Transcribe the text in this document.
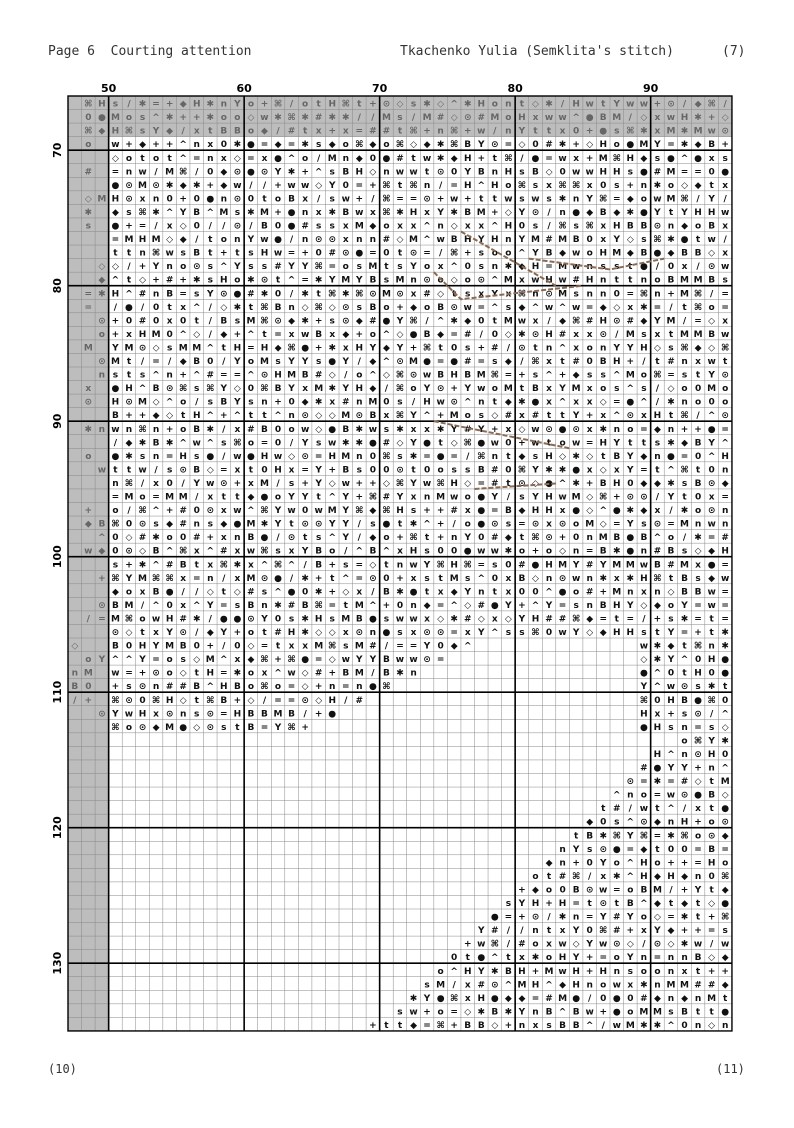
Page 6  Courting attention	Tkachenko Yulia (Semklita's stitch)	(7)
⌘ H s / ✱ = + ◆ H ✱ n Y o + ⌘ / o t H ⌘ t + ⊙ ◇ s ✱ ◇ ^ ✱ H o n t ◇ ✱ / H w t Y w w + ⊙ / ◆ ⌘ /
0 ● M o s ^ ✱ + + ✱ o o ◇ w ✱ ⌘ ✱ # ✱ ✱ / / M s / M # ◇ ⊙ # M o H x w w ^ ● B M / ◇ x w H ✱ + ◇
⌘ ◆ H ⌘ s Y ◆ / x t B B o ◆ / # t x + x = # # t ⌘ + n ⌘ + w / n Y t t x 0 + ● s ⌘ ✱ x M ✱ M w ⊙
o w + ◆ + + ^ n x 0 ✱ ● = ◆ = ✱ s ◆ o ⌘ ◆ o ⌘ ◇ ◆ ✱ ⌘ B Y ⊙ = ◇ 0 # ✱ + ◇ H o ● M Y = ✱ ◆ B +
◇ o t o t ^ = n x ◇ = x ● ^ o / M n ◆ 0 ● # t w ✱ ◆ H + t ⌘ / ● = w x + M ⌘ H ◆ s ● ^ ● x s
# = n w / M ⌘ / 0 ◆ ⊙ ● ⊙ Y ✱ + ^ s B H ◇ n w w t ⊙ 0 Y B n H s B ◇ 0 w w H H s ● # M = = 0 ●
● ⊙ M ⊙ ✱ ◆ ✱ + ◆ w / / + w w ◇ Y 0 = + ⌘ t ⌘ n / = H ^ H o ⌘ s x ⌘ ⌘ x 0 s + n ✱ o ◇ ◆ t x
◇ M H ⊙ x n 0 + 0 ● n ⊙ 0 t o B x / s w + / ⌘ = = ⊙ + w + t t w s w s ✱ n Y ⌘ = ◆ o w M ⌘ / Y /
✱ ◆ s ⌘ ✱ ^ Y B ^ M s ✱ M + ● n x ✱ B w x ⌘ ✱ H x Y ✱ B M + ◇ Y ⊙ / n ● ◆ B ◆ ✱ ● Y t Y H H w
s ● + = / x ◇ 0 / / ⊙ / B 0 ● # s s x M ◆ o x x ^ n ◇ x x ^ H 0 s / ⌘ s ⌘ x H B B ⊙ n ◆ o B x
= M H M ◇ ◆ / t o n Y w ● / n ⊙ ⊙ x n n # ◇ M ^ w B H Y H n Y M # M B 0 x Y ◇ s ⌘ ✱ ● t w /
t t n ⌘ w s B t + t s H w = + 0 # ⊙ ● = 0 t ⊙ = / ⌘ + s o o ^ Y B ◆ w o H M ◆ B ● ◆ B B ◇ x
◇ ◇ / + Y n o ⊙ s ^ Y s s # Y Y ⌘ = o s M t s Y o x ^ 0 s n ✱ ◆ H = M w n s s t ● / 0 x / ⊙ w
◆ ^ t ◇ + # + ✱ s H o ✱ ⊙ t ^ = ✱ Y M Y B s M n ⊙ o ◇ o ⊙ ^ M x w H w # H n t t n o B M M B s
= ✱ H ^ # n B = s Y ⊙ ● # ✱ 0 / ✱ t ⌘ ✱ ⌘ ⊙ M ⊙ x # ◇ t s x Y x ⌘ n ⊙ M s n n 0 = ⌘ n + M ⌘ / =
= / ● / 0 t x ^ / ◇ ✱ t ⌘ B n ◇ ⌘ ◇ ⊙ s B o + ◆ o B ⊙ w = ^ s ◆ ^ w ^ w = ◆ ◇ x ✱ = / t ⌘ o =
⊙ + 0 # 0 x 0 t / B s M ⌘ ⊙ ◆ ✱ + s ⊙ ◆ # ● Y ⌘ / ^ ✱ ◆ 0 t M w x / ◆ ⌘ # H ⊙ # ◆ Y M / = ◇ x
o + x H M 0 ^ ◇ / ◆ + ^ t = x w B x ◆ + o ^ ◇ ● B ◆ = # / 0 ◇ ✱ ⊙ H # x x ⊙ / M s x t M M B w
M Y M ⊙ ◇ s M M ^ t H = H ◆ ⌘ ● + ✱ x H Y ◆ Y + ⌘ t 0 s + # / ⊙ t n ^ x o n Y Y H ◇ s ⌘ ◆ ◇ ⌘
⊙ M t / = / ◆ B 0 / Y o M s Y Y s ● Y / ◆ ^ ⊙ M ● = ● # = s ◆ / ⌘ x t # 0 B H + / t # n x w t
n s t s ^ n + ^ # = = ^ ⊙ H M B # ◇ / o ^ ◇ ⌘ ⊙ w B H B M ⌘ = + s ^ + ◆ s s ^ M o ⌘ = s t Y ⊙
x ● H ^ B ⊙ ⌘ s ⌘ Y ◇ 0 ⌘ B Y x M ✱ Y H ◆ / ⌘ o Y ⊙ + Y w o M t B x Y M x o s ^ s / ◇ o 0 M o
⊙ H ⊙ M ◇ ^ o / s B Y s n + 0 ◆ ✱ x # n M 0 s / H w ⊙ ^ n t ◆ ✱ ● x ^ x x ◇ = ● ^ / ✱ n o 0 o
B + + ◆ ◇ t H ^ + ^ t t ^ n ⊙ ◇ ◇ M ⊙ B x ⌘ Y ^ + M o s ◇ # x # t t Y + x ^ ⊙ x H t ⌘ / ^ ⊙
✱ n w n ⌘ n + o B ✱ / x # B 0 o w ◇ ● B ✱ w s ✱ x x ✱ Y # Y + x ◇ w ⊙ ● ⊙ x ✱ n o = ◆ n + + ● =
/ ◆ ✱ B ✱ ^ w ^ s ⌘ o = 0 / Y s w ✱ ✱ ● # ◇ Y ● t ◇ ⌘ ● w 0 + w t o w = H Y t t s ✱ ◆ B Y ^
o ● ✱ s n = H s ● / w ● H w ◇ ⊙ = H M n 0 ⌘ s ✱ = ● = / ⌘ n t ◆ s H ◇ ✱ ◇ t B Y ◆ n ● = 0 ^ H
w t t w / s ⊙ B ◇ = x t 0 H x = Y + B s 0 0 ⊙ t 0 o s s B # 0 ⌘ Y ✱ ✱ ● x ◇ x Y = t ^ ⌘ t 0 n
n ⌘ / x 0 / Y w ⊙ + x M / s + Y ◇ w + + ◇ ⌘ Y w ⌘ H ◇ = # t ⊙ ◇ ● ^ ✱ + B H 0 ◆ ◆ ✱ s B ⊙ ◆
= M o = M M / x t t ◆ ● o Y Y t ^ Y + ⌘ # Y x n M w o ● Y / s Y H w M ◇ ⌘ + ⊙ ⊙ / Y t 0 x =
+ o / ⌘ ^ + # 0 ⊙ x w ^ ⌘ Y w 0 w M Y ⌘ ◆ ⌘ H s + + # x ● = B ◆ H H x ● ◇ ^ ● ✱ ◆ x / ✱ o ⊙ n
◆ B ⌘ 0 ⊙ s ◆ # n s ◆ ● M ✱ Y t ⊙ ⊙ Y Y / s ● t ✱ ^ + / o ● ⊙ s = ⊙ x ⊙ o M ◇ = Y s ⊙ = M n w n
^ 0 ◇ # ✱ o 0 # + x n B ● / ⊙ t s ^ Y / ◆ o + ⌘ t + n Y 0 # ◆ t ⌘ ⊙ + 0 n M B ● B ^ o / ✱ = #
w ◆ 0 ⊙ ◇ B ^ ⌘ x ^ # x w ⌘ s x Y B o / ^ B ^ x H s 0 0 ● w w ✱ o + o ◇ n = B ✱ ● n # B s ◇ ◆ H
s + ✱ ^ # B t x ⌘ ✱ x ^ ⌘ ^ / B + s = ◇ t n w Y ⌘ H ⌘ = s 0 # ● H M Y # Y M M w B # M x ● =
+ ⌘ Y M ⌘ ⌘ x = n / x M ⊙ ● / ✱ + t ^ = ⊙ 0 + x s t M s ^ 0 x B ◇ n ⊙ w n ✱ x ✱ H ⌘ t B s ◆ w
◆ o x B ● / / ◇ t ◇ # s ^ ● 0 ✱ + ◇ x / B ✱ ● t x ◆ Y n t x 0 0 ^ ● o # + M n x n ◇ B B w =
⊙ B M / ^ 0 x ^ Y = s B n ✱ # B ⌘ = t M ^ + 0 n ◆ = ^ ◇ # ● Y + ^ Y = s n B H Y ◇ ◆ o Y = w =
/ = M ⌘ o w H # ✱ / ● ● ⊙ Y 0 s ✱ H s M B ● s w w x ◇ ✱ # ◇ x ◇ Y H # # ⌘ ◆ = t = / + s ✱ = t =
⊙ ◇ t x Y ⊙ / ◆ Y + o t # H ✱ ◇ ◇ x ⊙ n ● s x ⊙ ⊙ = x Y ^ s s ⌘ 0 w Y ◇ ◆ H H s t Y = + t ✱
◇	B 0 H Y M B 0 + / 0 ◇ = t x x M ⌘ s M # / = = Y 0 ◆ ^	w ✱ ◆ t ⌘ n ✱
o Y ^ ^ Y = o s ◇ M ^ x ◆ ⌘ + ⌘ ● = ◇ w Y Y B w w ⊙ =	◇ ✱ Y ^ 0 H ●
n M w = + ⊙ o ◇ t H = ✱ o x ^ w ◇ # + B M / B ✱ n	● ^ 0 t H 0 ●
B 0 + s ⊙ n # # B ^ H B o ⌘ o = ◇ + n = n ● ⌘	Y ^ w ⊙ s ✱ t
/ + ⌘ ⊙ 0 ⌘ H ◇ t ⌘ B + ◇ / = = ⊙ ◇ H / #	⌘ 0 H B ● ⌘ 0
⊙ Y w H x ⊙ n s ⊙ = H B B M B / + ●	H x + s ⊙ / ^
⌘ o ⊙ ◆ M ● ◇ ⊙ s t B = Y ⌘ +	● H s n = s ◇
o ⌘ Y ✱
H ^ n ⊙ H 0
# ● Y Y + n ^
⊙ = ✱ = # ◇ t M
^ n o = w ⊙ ● B ◇
t # / w t ^ / x t ●
◆ 0 s ^ ⊙ ◆ n H + o ⊙
t B ✱ ⌘ Y ⌘ = ✱ ⌘ o ⊙ ◆
n Y s ⊙ ● = ◆ t 0 0 = B =
◆ n + 0 Y o ^ H o + + = H o
o t # ⌘ / x ✱ ^ H ◆ H ◆ n 0 ⌘
+ ◆ o 0 B ⊙ w = o B M / + Y t ◆
s Y H + H = t ⊙ t B ^ ◆ t ◆ t ◇ ●
● = + ⊙ / ✱ n = Y # Y o ◇ = ✱ t + ⌘
Y # / / n t x Y 0 ⌘ # + x Y ◆ + + = s
+ w ⌘ / # o x w ◇ Y w ⊙ ◇ / ⊙ ◇ ✱ w / w
0 t ● ^ t x ✱ o H Y + = o Y n = n n B ◇ ◆
o ^ H Y ✱ B H + M w H + H n s o o n x t + +
s M / x # ⊙ ^ M H ^ ◆ H n o w x ✱ n M M # # ◆
✱ Y ● ⌘ x H ● ◆ ◆ = # M ● / 0 ● 0 # ◆ n ◆ n M t
s w + o = ◇ ✱ B ✱ Y n B ^ B w + ● o M M s B t t ●
+ t t ◆ = ⌘ + B B ◇ + n x s B B ^ / w M ✱ ✱ ^ 0 n ◇ n
50	60	70	80	90
70
80
90
100
110
120
130
(10)	(11)
